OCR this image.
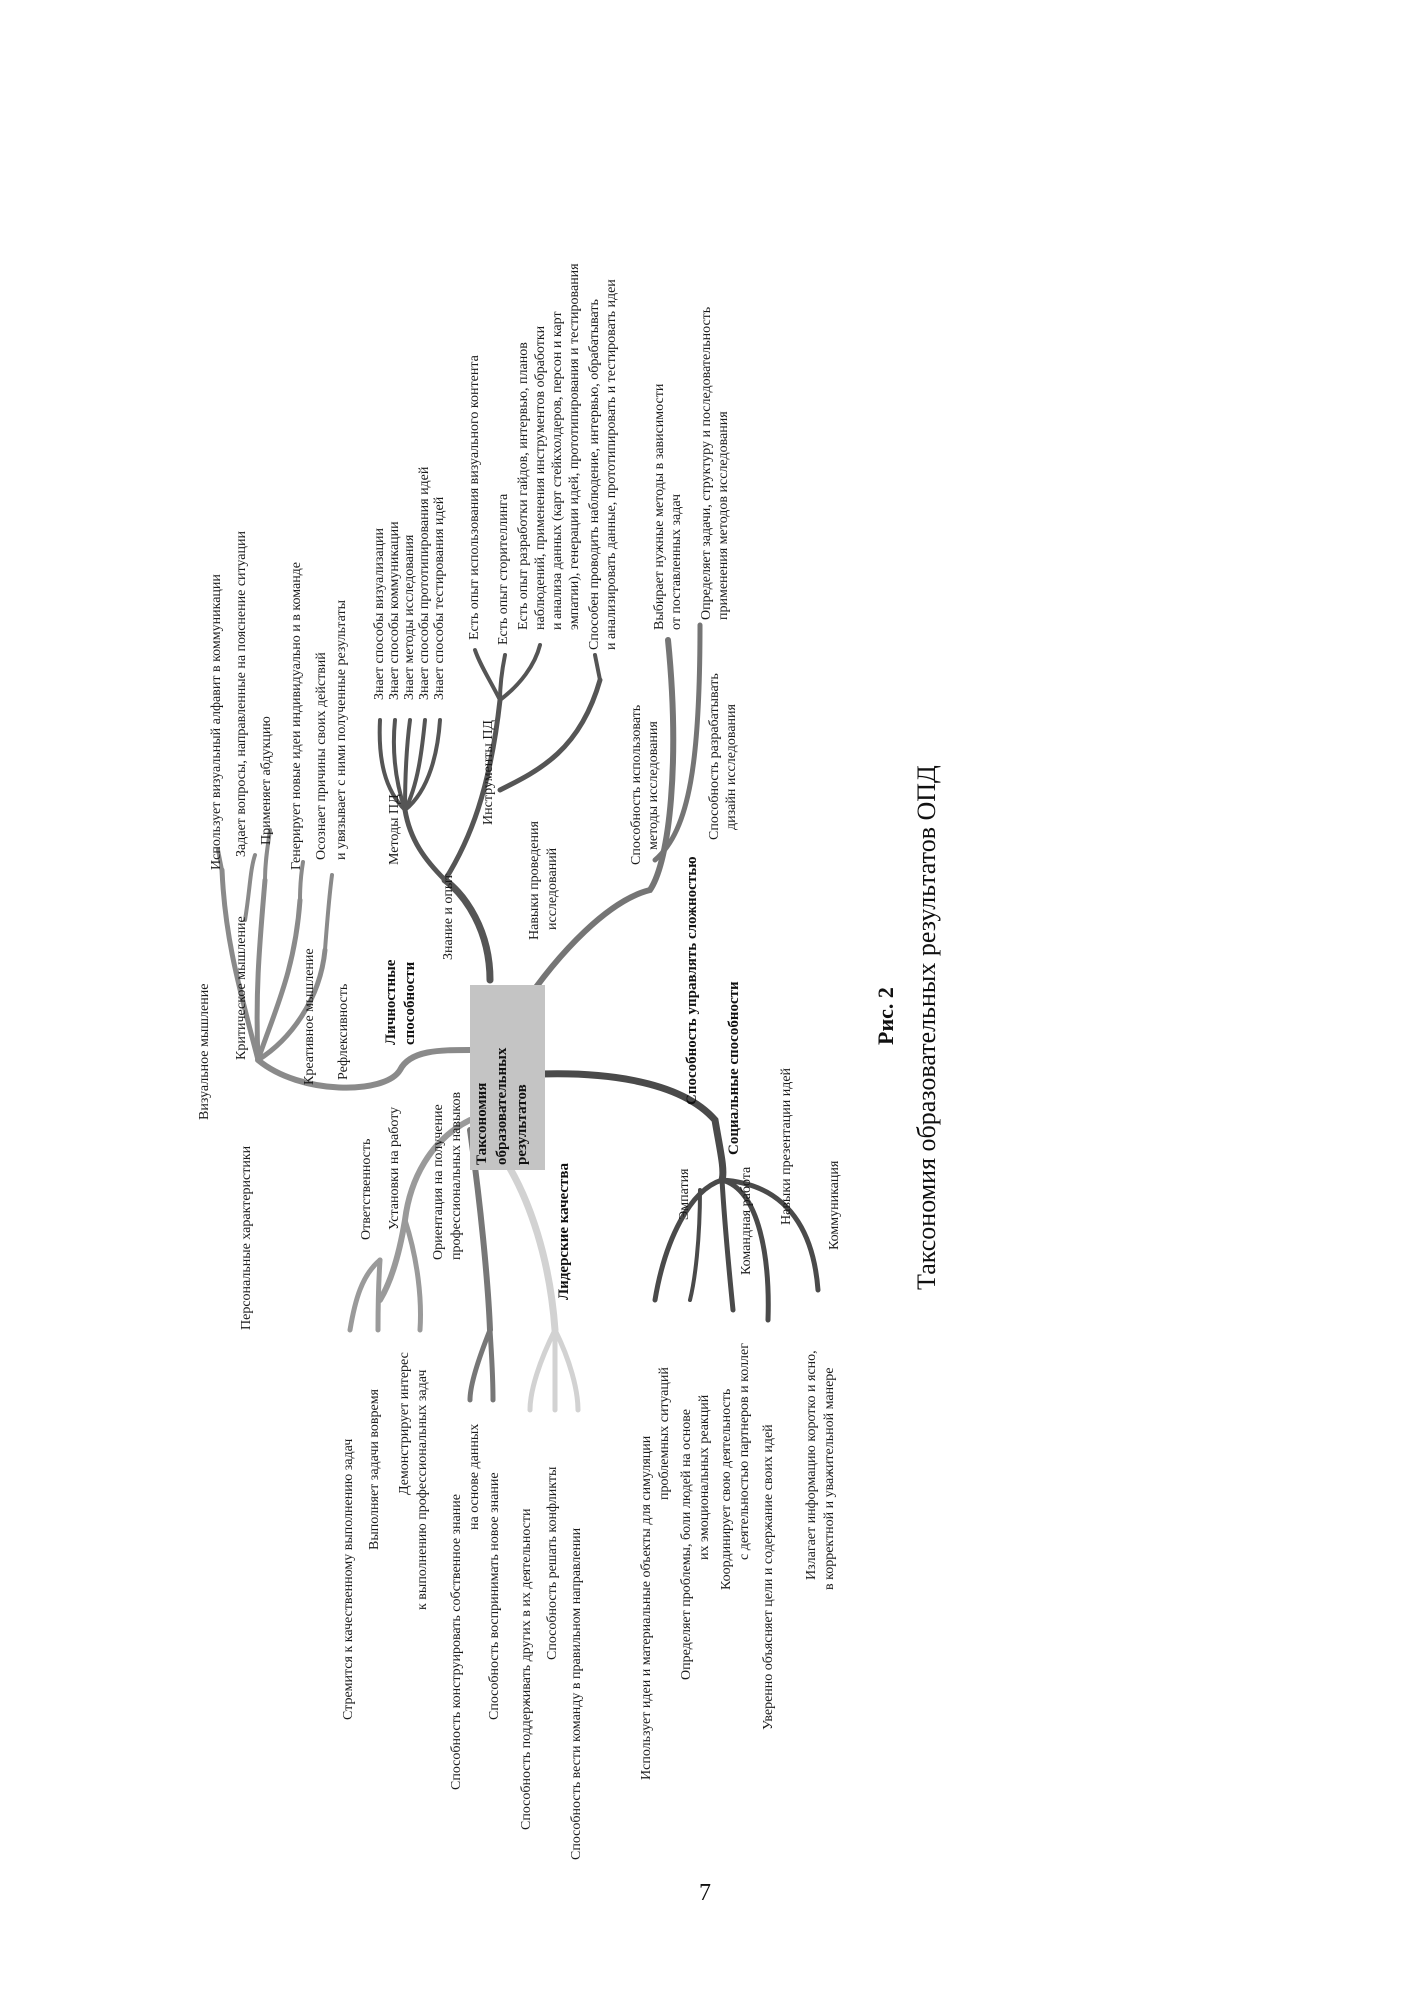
Таксономия образовательных результатов
Личностные способности
Персональные характеристики
Визуальное мышление Критическое мышление	Креативное мышление Рефлексивность
Использует визуальный алфавит в коммуникации Задает вопросы, направленные на пояснение ситуации Применяет абдукцию Генерирует новые идеи индивидуально и в команде Осознает причины своих действий и увязывает с ними полученные результаты
Знание и опыт
Методы ПД
Инструменты ПД
Навыки проведения исследований
Знает способы визуализации Знает способы коммуникации Знает методы исследования Знает способы прототипирования идей Знает способы тестирования идей Есть опыт использования визуального контента Есть опыт сторителлинга Есть опыт разработки гайдов, интервью, планов наблюдений, применения инструментов обработки и анализа данных (карт стейкхолдеров, персон и карт эмпатии), генерации идей, прототипирования и тестирования Способен проводить наблюдение, интервью, обрабатывать и анализировать данные, прототипировать и тестировать идеи
Способность управлять сложностью
Способность использовать методы исследования	Способность разрабатывать дизайн исследования
Выбирает нужные методы в зависимости от поставленных задач Определяет задачи, структуру и последовательность применения методов исследования
Социальные способности
Эмпатия	Командная работа Навыки презентации идей Коммуникация
Использует идеи и материальные объекты для симуляции
проблемных ситуаций Определяет проблемы, боли людей на основе их эмоциональных реакций Координирует свою деятельность с деятельностью партнеров и коллег Уверенно объясняет цели и содержание своих идей Излагает информацию коротко и ясно, в корректной и уважительной манере
Лидерские качества
Способность поддерживать других в их деятельности Способность решать конфликты Способность вести команду в правильном направлении
Установки на работу
Ответственность	Ориентация на получение профессиональных навыков
Стремится к качественному выполнению задач Выполняет задачи вовремя Демонстрирует интерес к выполнению профессиональных задач
Способность конструировать собственное знание
на основе данных Способность воспринимать новое знание
Рис. 2 Таксономия образовательных результатов ОПД
7
